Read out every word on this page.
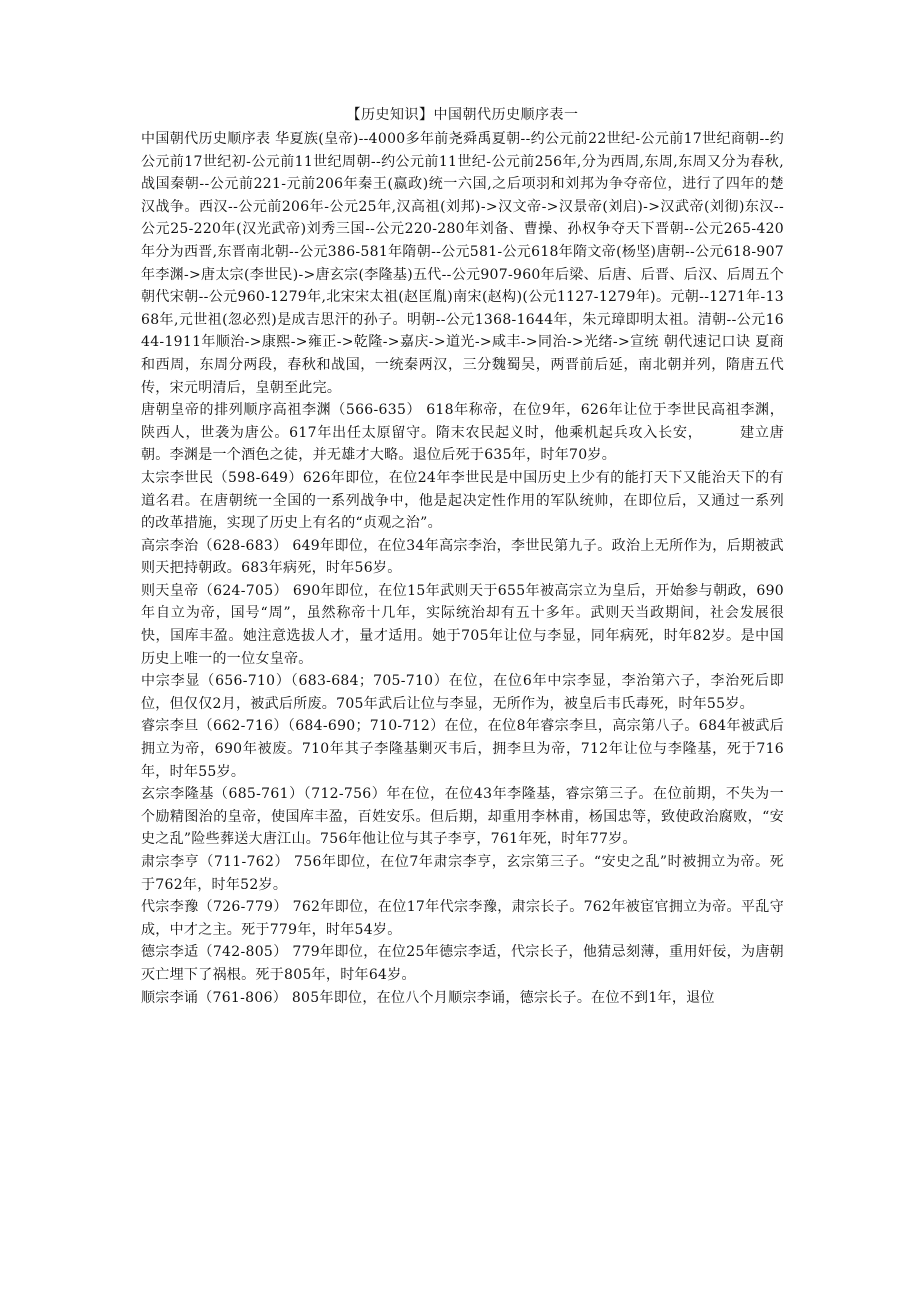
【历史知识】中国朝代历史顺序表一

中国朝代历史顺序表 华夏族(皇帝)--4000多年前尧舜禹夏朝--约公元前22世纪-公元前17世纪商朝--约公元前17世纪初-公元前11世纪周朝--约公元前11世纪-公元前256年,分为西周,东周,东周又分为春秋,战国秦朝--公元前221-元前206年秦王(嬴政)统一六国,之后项羽和刘邦为争夺帝位，进行了四年的楚汉战争。西汉--公元前206年-公元25年,汉高祖(刘邦)->汉文帝->汉景帝(刘启)->汉武帝(刘彻)东汉--公元25-220年(汉光武帝)刘秀三国--公元220-280年刘备、曹操、孙权争夺天下晋朝--公元265-420年分为西晋,东晋南北朝--公元386-581年隋朝--公元581-公元618年隋文帝(杨坚)唐朝--公元618-907年李渊->唐太宗(李世民)->唐玄宗(李隆基)五代--公元907-960年后梁、后唐、后晋、后汉、后周五个朝代宋朝--公元960-1279年,北宋宋太祖(赵匡胤)南宋(赵构)(公元1127-1279年)。元朝--1271年-1368年,元世祖(忽必烈)是成吉思汗的孙子。明朝--公元1368-1644年，朱元璋即明太祖。清朝--公元1644-1911年顺治->康熙->雍正->乾隆->嘉庆->道光->咸丰->同治->光绪->宣统 朝代速记口诀 夏商和西周，东周分两段，春秋和战国，一统秦两汉，三分魏蜀吴，两晋前后延，南北朝并列，隋唐五代传，宋元明清后，皇朝至此完。

唐朝皇帝的排列顺序高祖李渊（566-635） 618年称帝，在位9年，626年让位于李世民高祖李渊，陕西人，世袭为唐公。617年出任太原留守。隋末农民起义时，他乘机起兵攻入长安，　　　建立唐朝。李渊是一个酒色之徒，并无雄才大略。退位后死于635年，时年70岁。

太宗李世民（598-649）626年即位，在位24年李世民是中国历史上少有的能打天下又能治天下的有道名君。在唐朝统一全国的一系列战争中，他是起决定性作用的军队统帅，在即位后，又通过一系列的改革措施，实现了历史上有名的“贞观之治”。

高宗李治（628-683） 649年即位，在位34年高宗李治，李世民第九子。政治上无所作为，后期被武则天把持朝政。683年病死，时年56岁。

则天皇帝（624-705） 690年即位，在位15年武则天于655年被高宗立为皇后，开始参与朝政，690年自立为帝，国号“周”，虽然称帝十几年，实际统治却有五十多年。武则天当政期间，社会发展很快，国库丰盈。她注意选拔人才，量才适用。她于705年让位与李显，同年病死，时年82岁。是中国历史上唯一的一位女皇帝。

中宗李显（656-710）（683-684；705-710）在位，在位6年中宗李显，李治第六子，李治死后即位，但仅仅2月，被武后所废。705年武后让位与李显，无所作为，被皇后韦氏毒死，时年55岁。

睿宗李旦（662-716）（684-690；710-712）在位，在位8年睿宗李旦，高宗第八子。684年被武后拥立为帝，690年被废。710年其子李隆基剿灭韦后，拥李旦为帝，712年让位与李隆基，死于716年，时年55岁。

玄宗李隆基（685-761）（712-756）年在位，在位43年李隆基，睿宗第三子。在位前期，不失为一个励精图治的皇帝，使国库丰盈，百姓安乐。但后期，却重用李林甫，杨国忠等，致使政治腐败，“安史之乱”险些葬送大唐江山。756年他让位与其子李亨，761年死，时年77岁。

肃宗李亨（711-762） 756年即位，在位7年肃宗李亨，玄宗第三子。“安史之乱”时被拥立为帝。死于762年，时年52岁。

代宗李豫（726-779） 762年即位，在位17年代宗李豫，肃宗长子。762年被宦官拥立为帝。平乱守成，中才之主。死于779年，时年54岁。

德宗李适（742-805） 779年即位，在位25年德宗李适，代宗长子，他猜忌刻薄，重用奸佞，为唐朝灭亡埋下了祸根。死于805年，时年64岁。

顺宗李诵（761-806） 805年即位，在位八个月顺宗李诵，德宗长子。在位不到1年，退位
